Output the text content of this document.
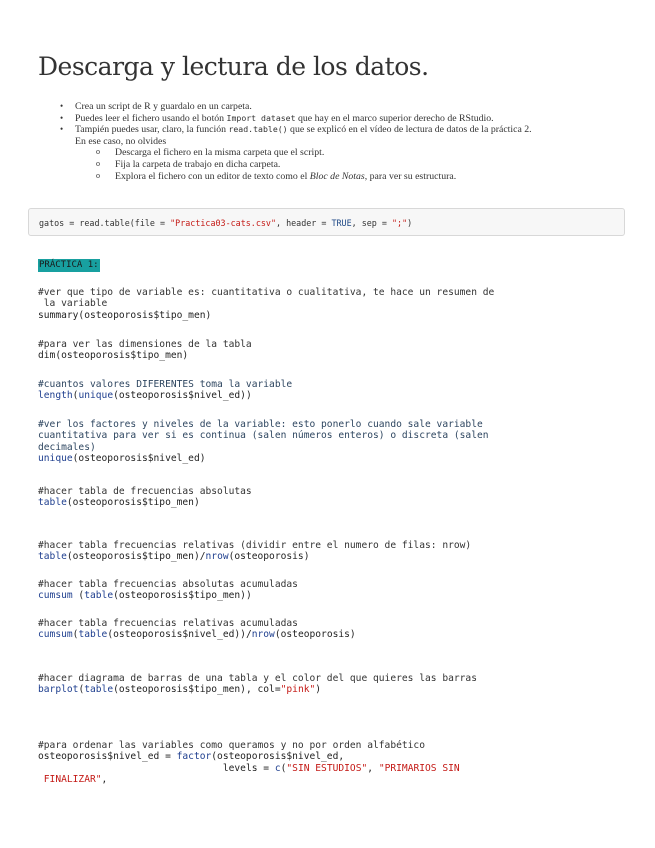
Descarga y lectura de los datos.
• Crea un script de R y guardalo en un carpeta.
• Puedes leer el fichero usando el botón Import dataset que hay en el marco superior derecho de RStudio.
• Tampién puedes usar, claro, la función read.table() que se explicó en el vídeo de lectura de datos de la práctica 2.
En ese caso, no olvides
o Descarga el fichero en la misma carpeta que el script.
o Fija la carpeta de trabajo en dicha carpeta.
o Explora el fichero con un editor de texto como el Bloc de Notas, para ver su estructura.
gatos = read.table(file = "Practica03-cats.csv", header = TRUE, sep = ";")
PRÁCTICA 1:
#ver que tipo de variable es: cuantitativa o cualitativa, te hace un resumen de
la variable
summary(osteoporosis$tipo_men)
#para ver las dimensiones de la tabla
dim(osteoporosis$tipo_men)
#cuantos valores DIFERENTES toma la variable
length(unique(osteoporosis$nivel_ed))
#ver los factores y niveles de la variable: esto ponerlo cuando sale variable
cuantitativa para ver si es continua (salen números enteros) o discreta (salen
decimales)
unique(osteoporosis$nivel_ed)
#hacer tabla de frecuencias absolutas
table(osteoporosis$tipo_men)
#hacer tabla frecuencias relativas (dividir entre el numero de filas: nrow)
table(osteoporosis$tipo_men)/nrow(osteoporosis)
#hacer tabla frecuencias absolutas acumuladas
cumsum (table(osteoporosis$tipo_men))
#hacer tabla frecuencias relativas acumuladas
cumsum(table(osteoporosis$nivel_ed))/nrow(osteoporosis)
#hacer diagrama de barras de una tabla y el color del que quieres las barras
barplot(table(osteoporosis$tipo_men), col="pink")
#para ordenar las variables como queramos y no por orden alfabético
osteoporosis$nivel_ed = factor(osteoporosis$nivel_ed,
levels = c("SIN ESTUDIOS", "PRIMARIOS SIN
FINALIZAR",
